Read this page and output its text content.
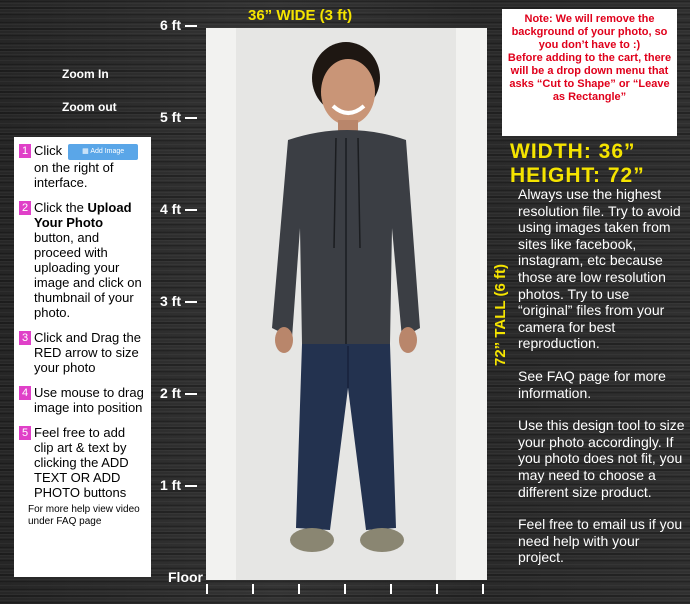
36” WIDE (3 ft)
6 ft
5 ft
4 ft
3 ft
2 ft
1 ft
Floor
Zoom In
Zoom out
1 Click	▦ Add Image on the right of interface.
2 Click the Upload Your Photo button, and proceed with uploading your image and click on thumbnail of your photo.
3 Click and Drag the RED arrow to size your photo
4 Use mouse to drag image into position
5 Feel free to add clip art & text by clicking the ADD TEXT OR ADD PHOTO buttons
For more help view video under FAQ page
72” TALL (6 ft)

Note: We will remove the background of your photo, so you don’t have to :)

Before adding to the cart, there will be a drop down menu that asks “Cut to Shape” or “Leave as Rectangle”

WIDTH: 36”
HEIGHT: 72”

Always use the highest resolution file. Try to avoid using images taken from sites like facebook, instagram, etc because those are low resolution photos. Try to use “original” files from your camera for best reproduction.

See FAQ page for more information.

Use this design tool to size your photo accordingly. If you photo does not fit, you may need to choose a different size product.

Feel free to email us if you need help with your project.
